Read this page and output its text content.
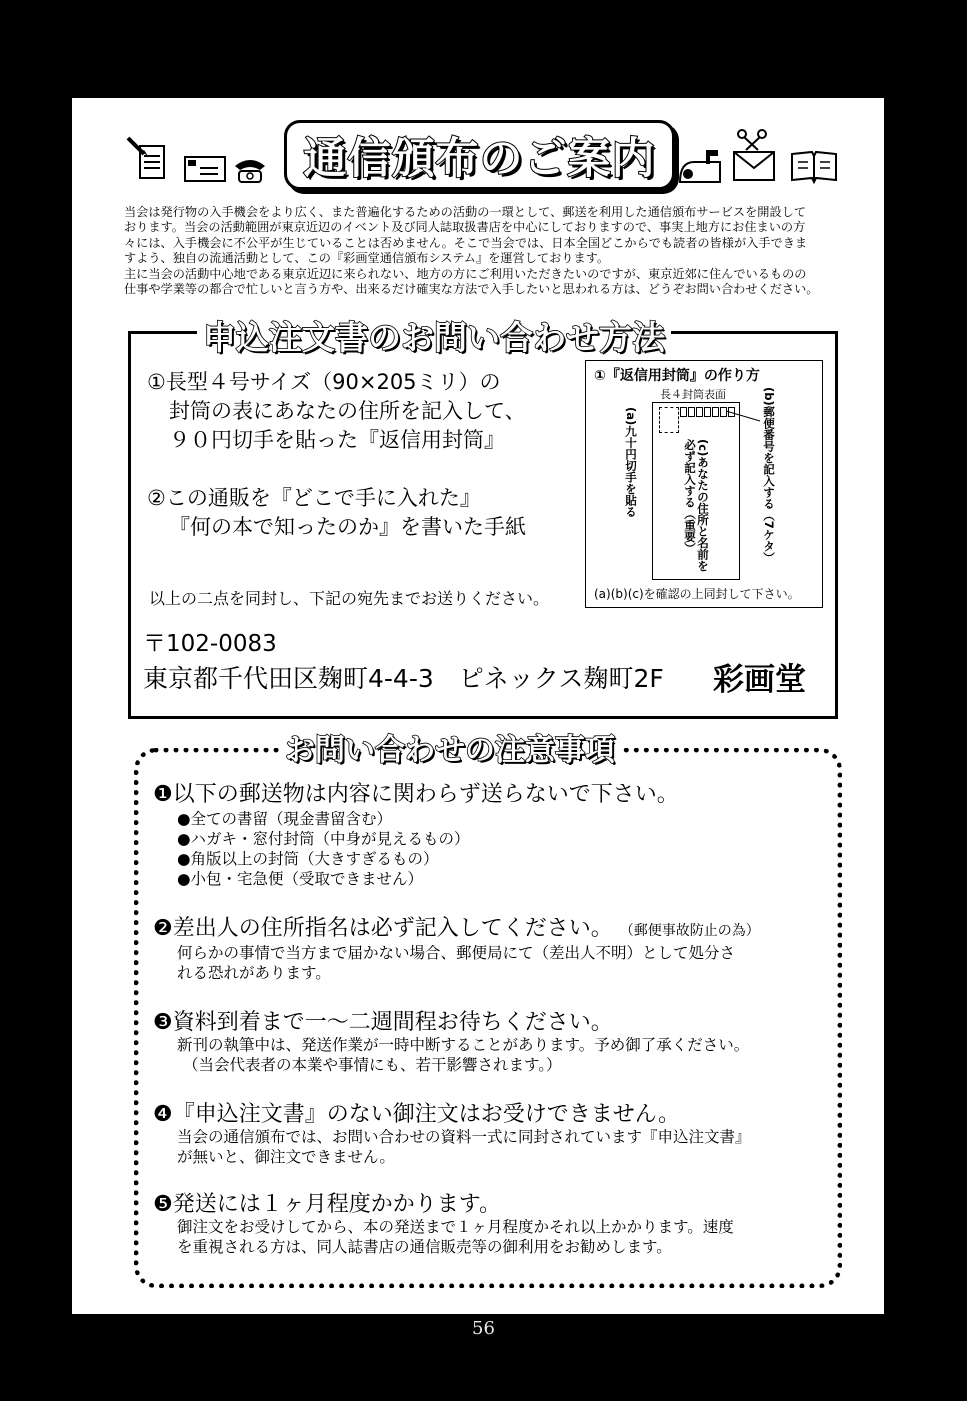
通信頒布のご案内

当会は発行物の入手機会をより広く、また普遍化するための活動の一環として、郵送を利用した通信頒布サービスを開設して

おります。当会の活動範囲が東京近辺のイベント及び同人誌取扱書店を中心にしておりますので、事実上地方にお住まいの方

々には、入手機会に不公平が生じていることは否めません。そこで当会では、日本全国どこからでも読者の皆様が入手できま

すよう、独自の流通活動として、この『彩画堂通信頒布システム』を運営しております。

主に当会の活動中心地である東京近辺に来られない、地方の方にご利用いただきたいのですが、東京近郊に住んでいるものの

仕事や学業等の都合で忙しいと言う方や、出来るだけ確実な方法で入手したいと思われる方は、どうぞお問い合わせください。

申込注文書のお問い合わせ方法
①長型４号サイズ（90×205ミリ）の
封筒の表にあなたの住所を記入して、
９０円切手を貼った『返信用封筒』
②この通販を『どこで手に入れた』
『何の本で知ったのか』を書いた手紙
以上の二点を同封し、下記の宛先までお送りください。
〒102-0083
東京都千代田区麹町4-4-3　ピネックス麹町2F 彩画堂
①『返信用封筒』の作り方
長４封筒表面
(a)九十円切手を貼る	(c)あなたの住所と名前を必ず記入する（重要）	(b)郵便番号を記入する（7ケタ）
(a)(b)(c)を確認の上同封して下さい。
お問い合わせの注意事項
❶以下の郵送物は内容に関わらず送らないで下さい。
●全ての書留（現金書留含む）
●ハガキ・窓付封筒（中身が見えるもの）
●角版以上の封筒（大きすぎるもの）
●小包・宅急便（受取できません）
❷差出人の住所指名は必ず記入してください。 （郵便事故防止の為）
何らかの事情で当方まで届かない場合、郵便局にて（差出人不明）として処分さ
れる恐れがあります。
❸資料到着まで一～二週間程お待ちください。
新刊の執筆中は、発送作業が一時中断することがあります。予め御了承ください。
（当会代表者の本業や事情にも、若干影響されます。）
❹『申込注文書』のない御注文はお受けできません。
当会の通信頒布では、お問い合わせの資料一式に同封されています『申込注文書』
が無いと、御注文できません。
❺発送には１ヶ月程度かかります。
御注文をお受けしてから、本の発送まで１ヶ月程度かそれ以上かかります。速度
を重視される方は、同人誌書店の通信販売等の御利用をお勧めします。
56
